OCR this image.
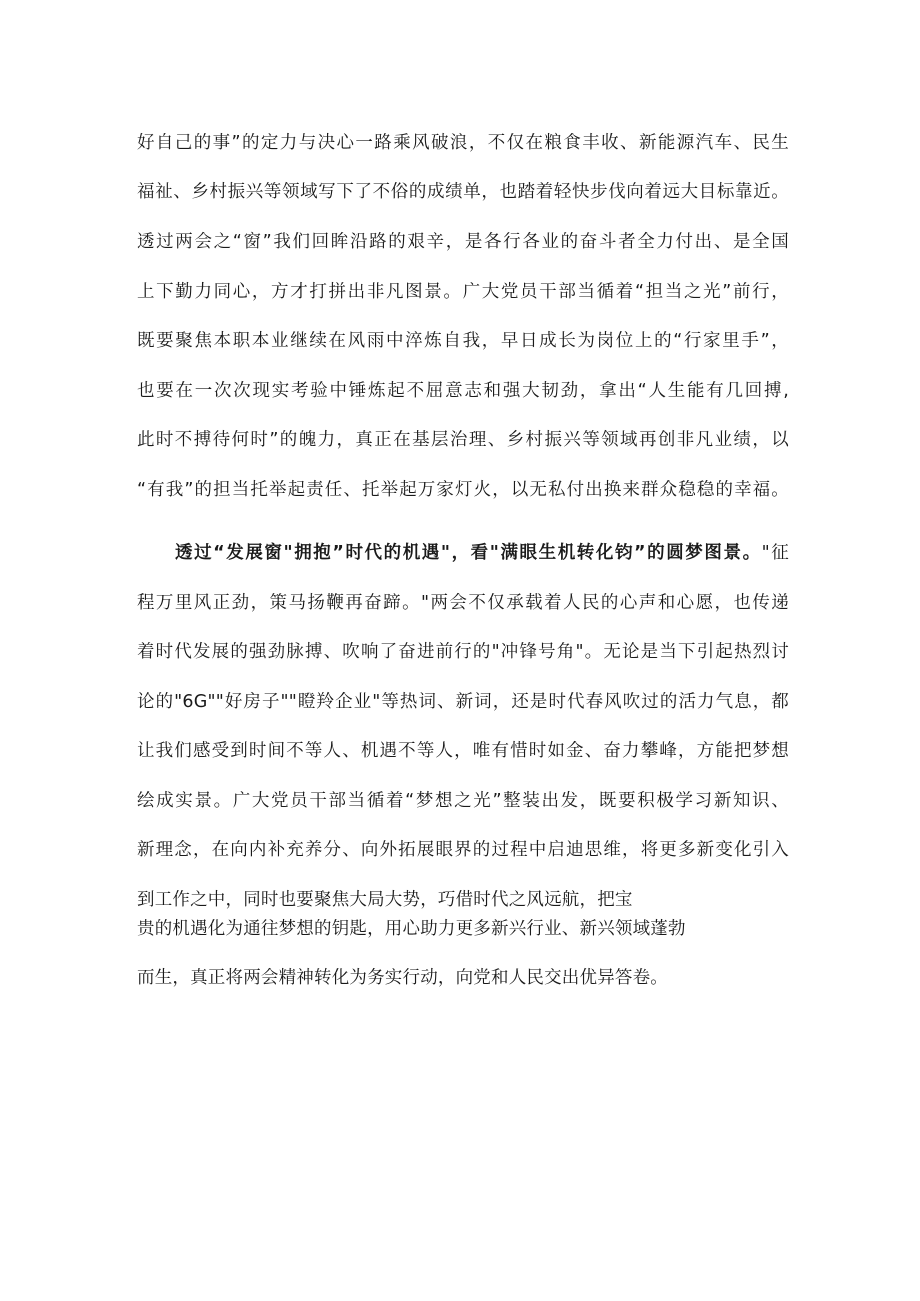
好自己的事”的定力与决心一路乘风破浪，不仅在粮食丰收、新能源汽车、民生
福祉、乡村振兴等领域写下了不俗的成绩单，也踏着轻快步伐向着远大目标靠近。
透过两会之“窗”我们回眸沿路的艰辛，是各行各业的奋斗者全力付出、是全国
上下勤力同心，方才打拼出非凡图景。广大党员干部当循着“担当之光”前行，
既要聚焦本职本业继续在风雨中淬炼自我，早日成长为岗位上的“行家里手”，
也要在一次次现实考验中锤炼起不屈意志和强大韧劲，拿出“人生能有几回搏,
此时不搏待何时”的魄力，真正在基层治理、乡村振兴等领域再创非凡业绩，以
“有我”的担当托举起责任、托举起万家灯火，以无私付出换来群众稳稳的幸福。
透过“发展窗"拥抱”时代的机遇"，看"满眼生机转化钧”的圆梦图景。"征
程万里风正劲，策马扬鞭再奋蹄。"两会不仅承载着人民的心声和心愿，也传递
着时代发展的强劲脉搏、吹响了奋进前行的"冲锋号角"。无论是当下引起热烈讨
论的"6G""好房子""瞪羚企业"等热词、新词，还是时代春风吹过的活力气息，都
让我们感受到时间不等人、机遇不等人，唯有惜时如金、奋力攀峰，方能把梦想
绘成实景。广大党员干部当循着“梦想之光”整装出发，既要积极学习新知识、
新理念，在向内补充养分、向外拓展眼界的过程中启迪思维，将更多新变化引入
到工作之中，同时也要聚焦大局大势，巧借时代之风远航，把宝
贵的机遇化为通往梦想的钥匙，用心助力更多新兴行业、新兴领域蓬勃
而生，真正将两会精神转化为务实行动，向党和人民交出优异答卷。
